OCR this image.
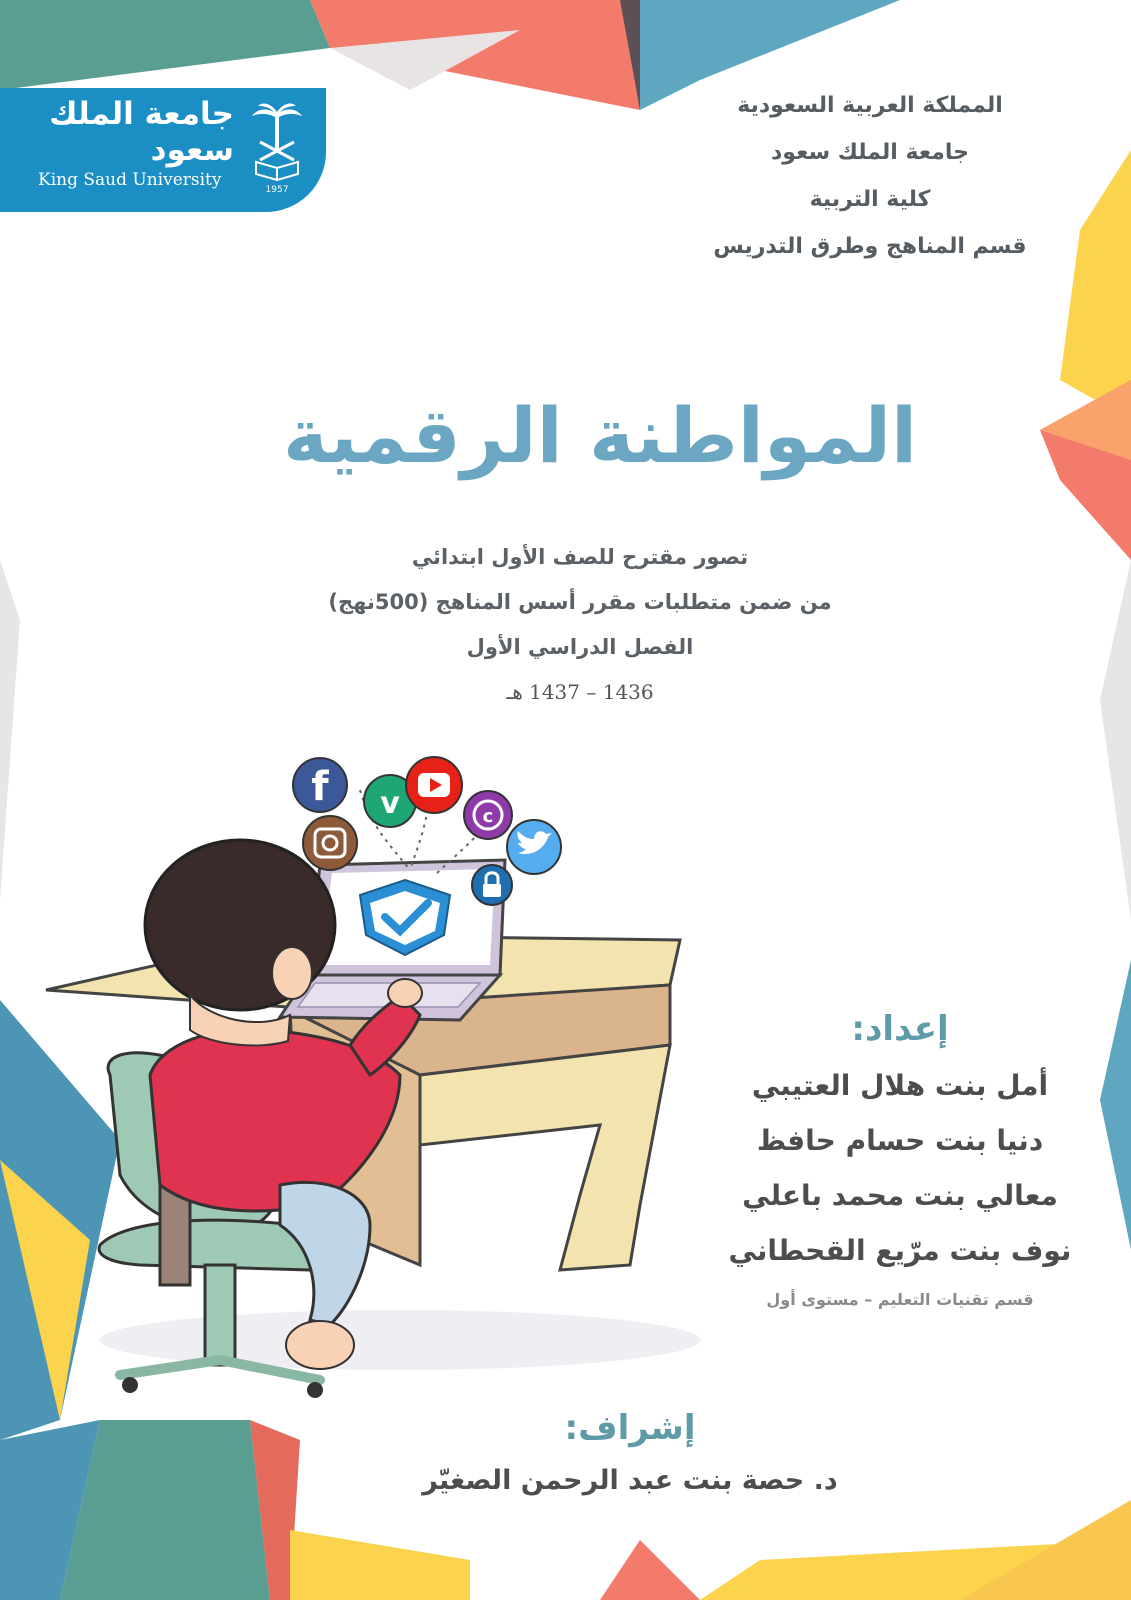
جامعة الملك سعود
King Saud University	1957
المملكة العربية السعودية
جامعة الملك سعود
كلية التربية
قسم المناهج وطرق التدريس
المواطنة الرقمية
تصور مقترح للصف الأول ابتدائي
من ضمن متطلبات مقرر أسس المناهج (500نهج)
الفصل الدراسي الأول
1436 – 1437 هـ
f v	c
إعداد:
أمل بنت هلال العتيبي
دنيا بنت حسام حافظ
معالي بنت محمد باعلي
نوف بنت مرّيع القحطاني
قسم تقنيات التعليم – مستوى أول
إشراف:
د. حصة بنت عبد الرحمن الصغيّر
